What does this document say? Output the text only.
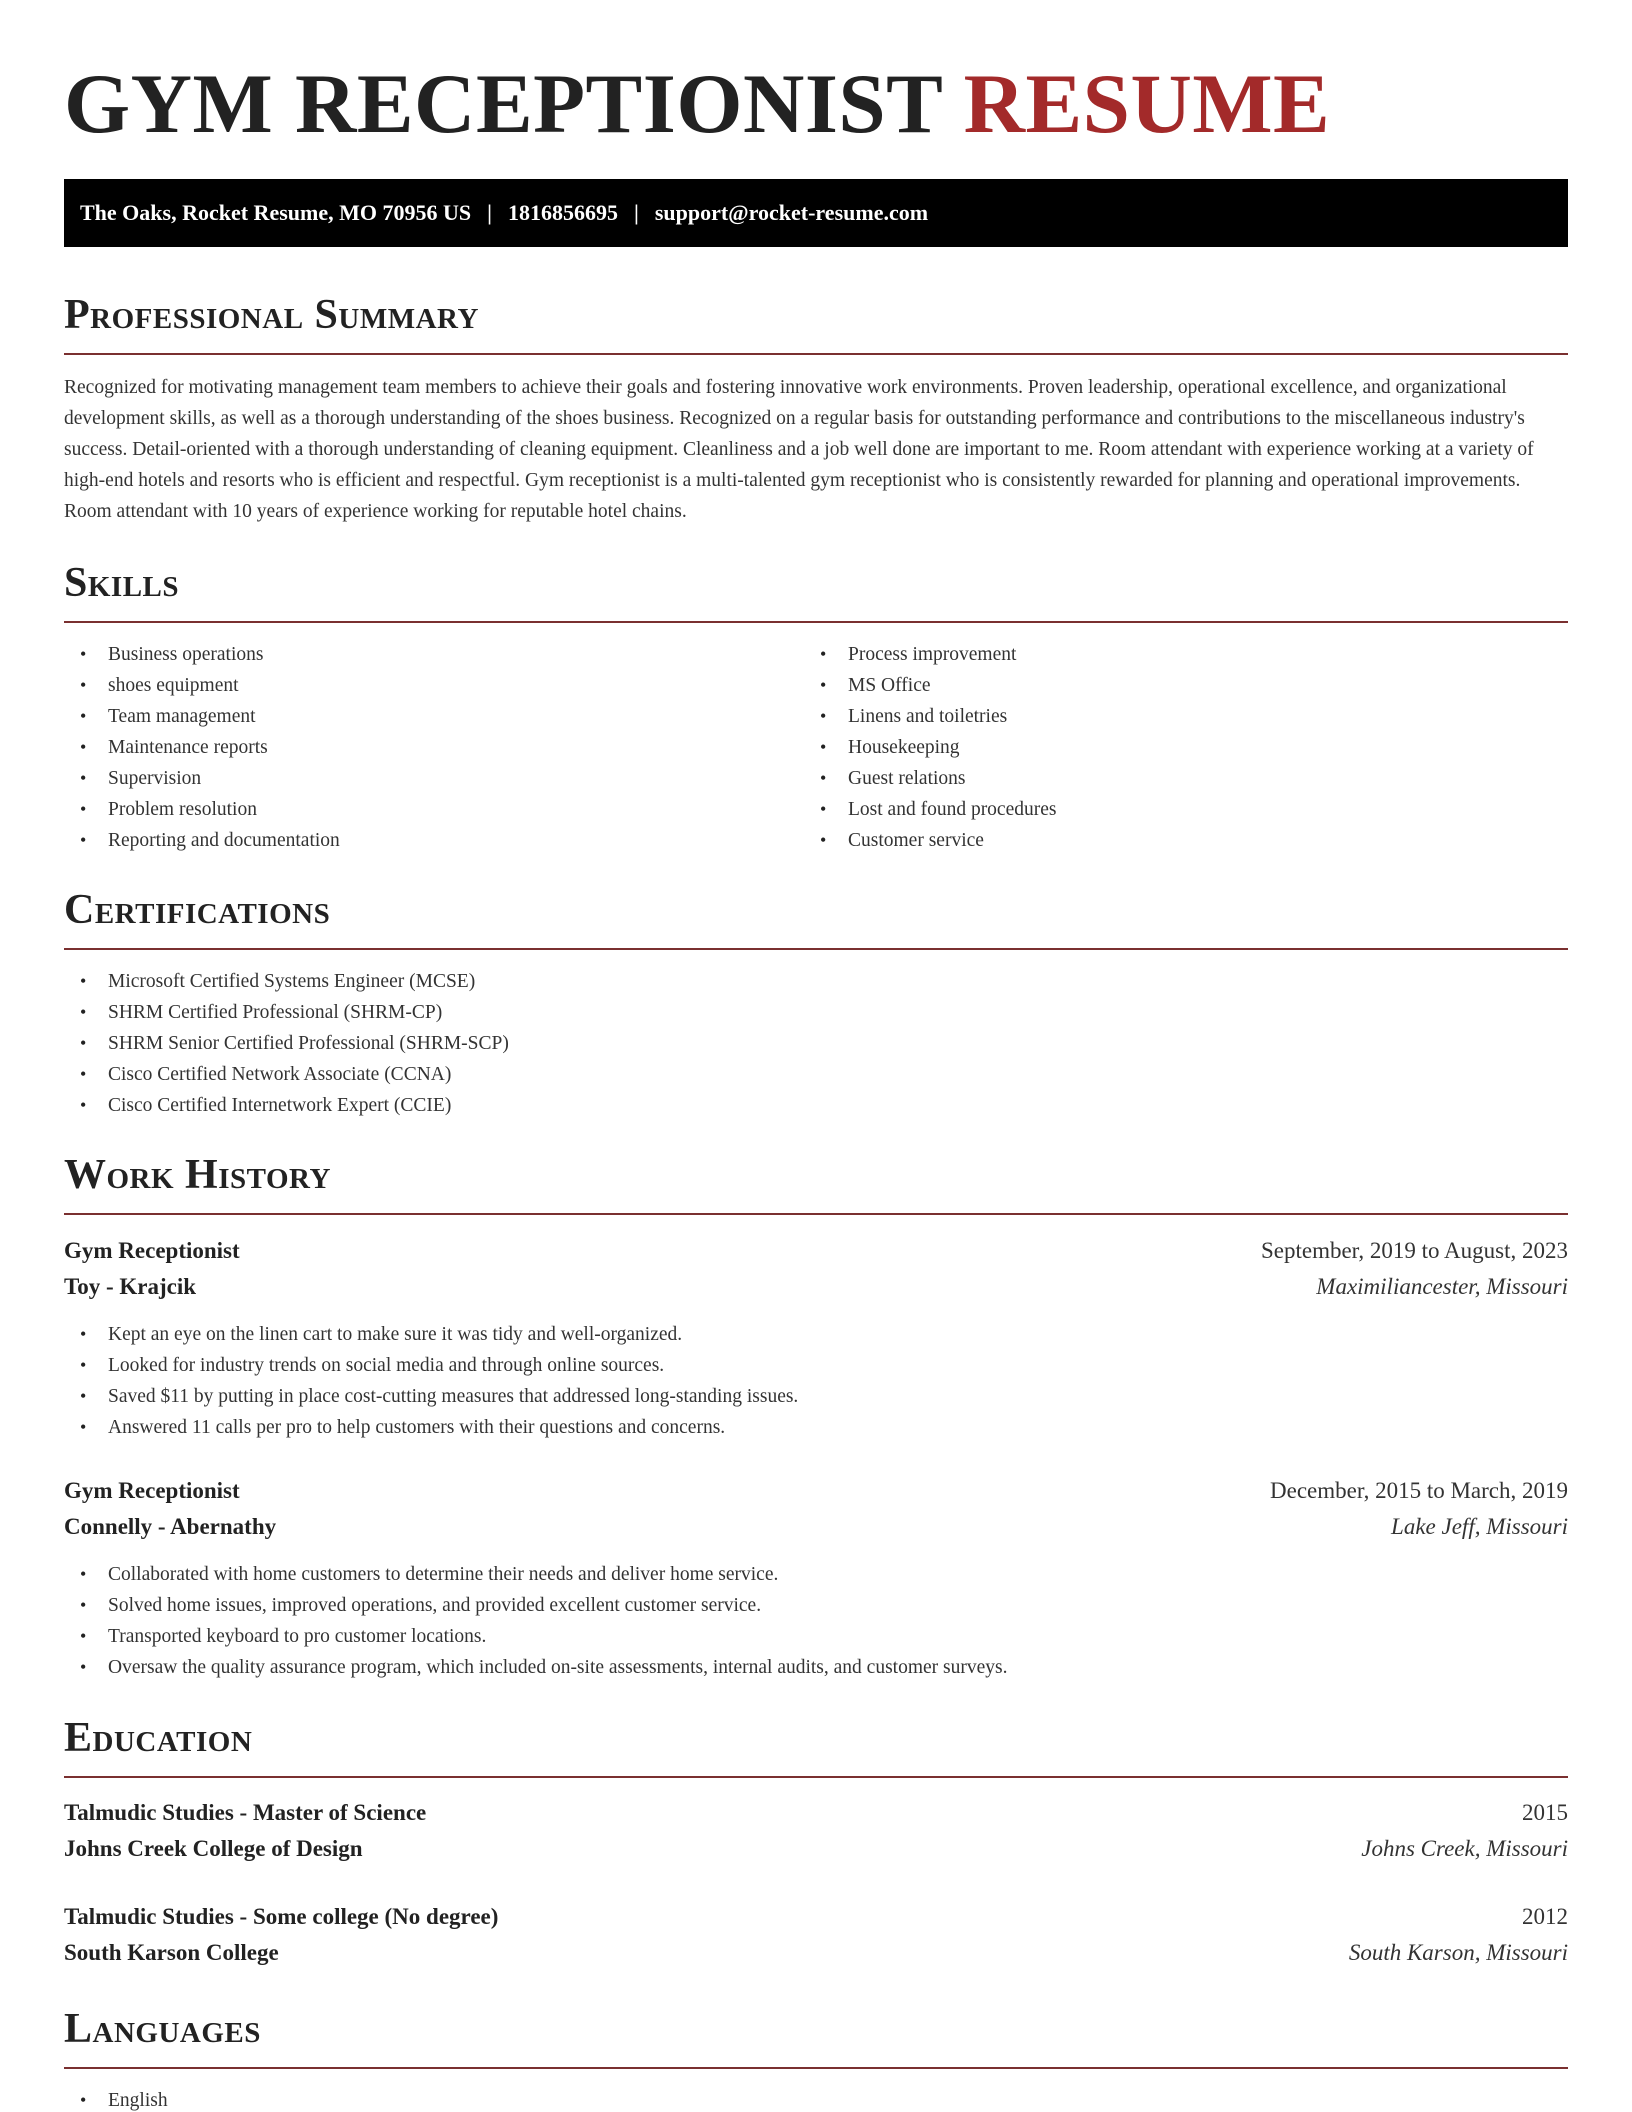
GYM RECEPTIONIST RESUME
The Oaks, Rocket Resume, MO 70956 US | 1816856695 | support@rocket-resume.com
Professional Summary

Recognized for motivating management team members to achieve their goals and fostering innovative work environments. Proven leadership, operational excellence, and organizational development skills, as well as a thorough understanding of the shoes business. Recognized on a regular basis for outstanding performance and contributions to the miscellaneous industry's success. Detail-oriented with a thorough understanding of cleaning equipment. Cleanliness and a job well done are important to me. Room attendant with experience working at a variety of high-end hotels and resorts who is efficient and respectful. Gym receptionist is a multi-talented gym receptionist who is consistently rewarded for planning and operational improvements. Room attendant with 10 years of experience working for reputable hotel chains.

Skills
• Business operations
• shoes equipment
• Team management
• Maintenance reports
• Supervision
• Problem resolution
• Reporting and documentation
• Process improvement
• MS Office
• Linens and toiletries
• Housekeeping
• Guest relations
• Lost and found procedures
• Customer service
Certifications
• Microsoft Certified Systems Engineer (MCSE)
• SHRM Certified Professional (SHRM-CP)
• SHRM Senior Certified Professional (SHRM-SCP)
• Cisco Certified Network Associate (CCNA)
• Cisco Certified Internetwork Expert (CCIE)
Work History
Gym Receptionist	September, 2019 to August, 2023
Toy - Krajcik	Maximiliancester, Missouri
• Kept an eye on the linen cart to make sure it was tidy and well-organized.
• Looked for industry trends on social media and through online sources.
• Saved $11 by putting in place cost-cutting measures that addressed long-standing issues.
• Answered 11 calls per pro to help customers with their questions and concerns.
Gym Receptionist	December, 2015 to March, 2019
Connelly - Abernathy	Lake Jeff, Missouri
• Collaborated with home customers to determine their needs and deliver home service.
• Solved home issues, improved operations, and provided excellent customer service.
• Transported keyboard to pro customer locations.
• Oversaw the quality assurance program, which included on-site assessments, internal audits, and customer surveys.
Education
Talmudic Studies - Master of Science	2015
Johns Creek College of Design	Johns Creek, Missouri
Talmudic Studies - Some college (No degree)	2012
South Karson College	South Karson, Missouri
Languages
• English
